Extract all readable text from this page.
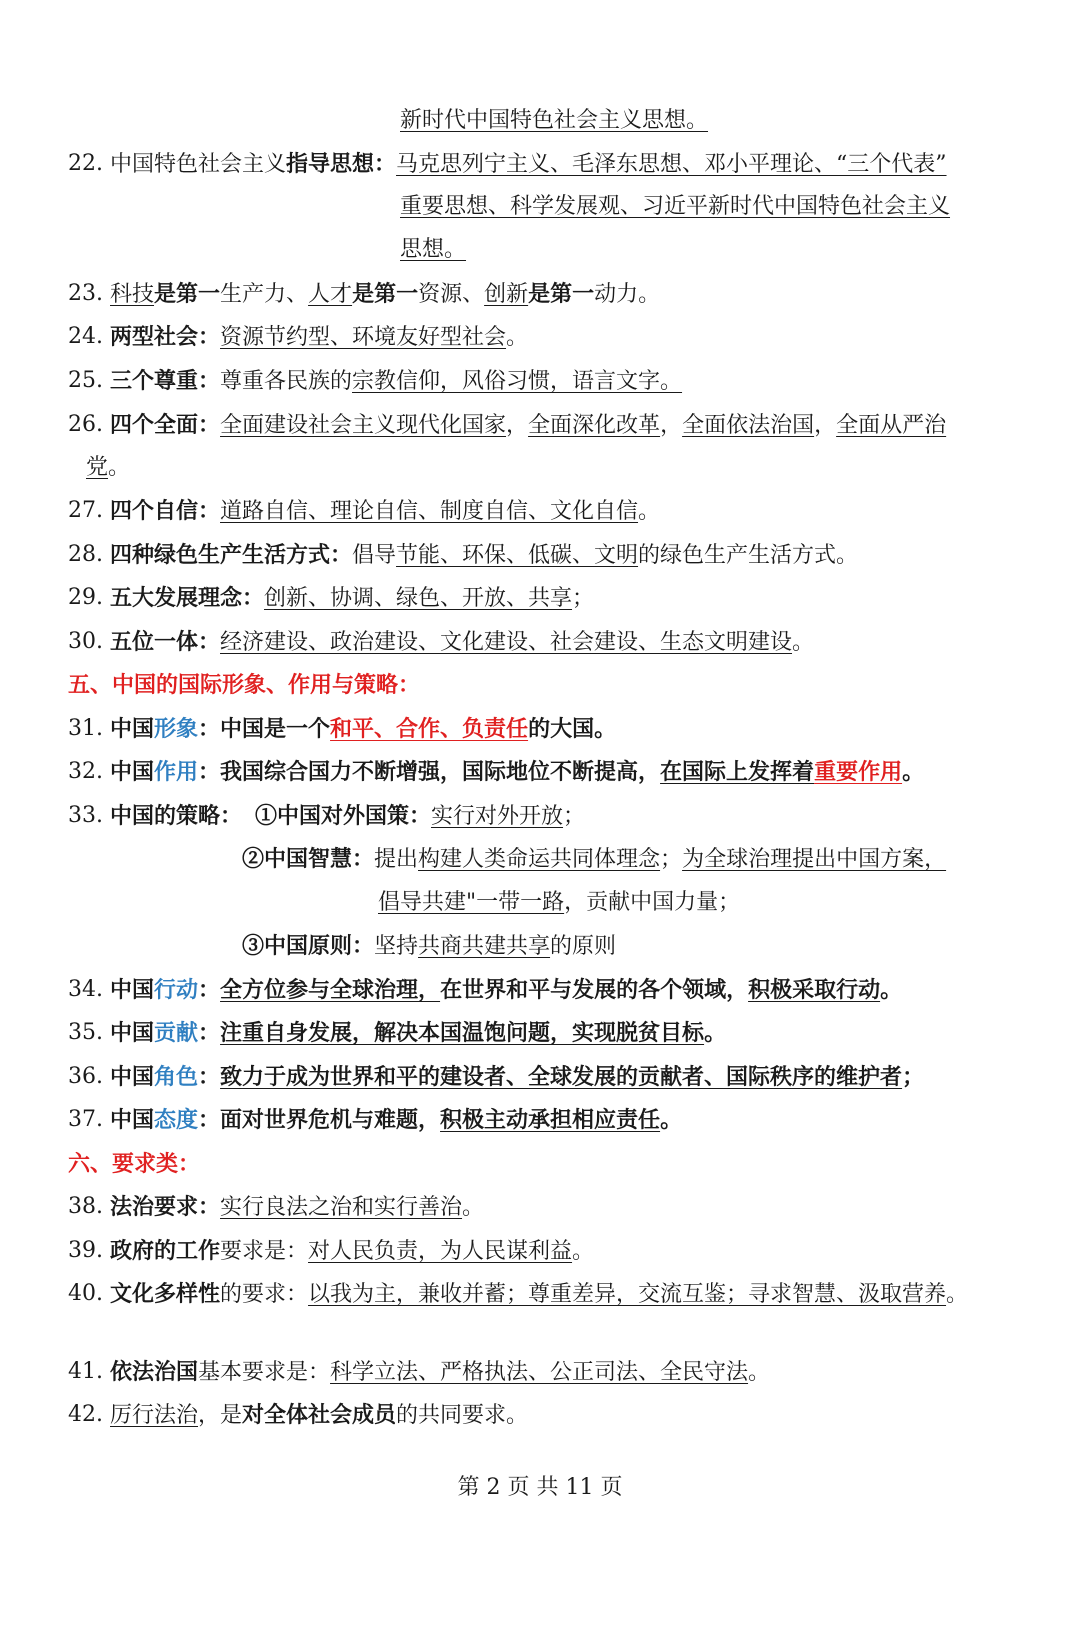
新时代中国特色社会主义思想。
22. 中国特色社会主义指导思想：马克思列宁主义、毛泽东思想、邓小平理论、“三个代表”
重要思想、科学发展观、习近平新时代中国特色社会主义
思想。
23. 科技是第一生产力、人才是第一资源、创新是第一动力。
24. 两型社会：资源节约型、环境友好型社会。
25. 三个尊重：尊重各民族的宗教信仰，风俗习惯，语言文字。
26. 四个全面：全面建设社会主义现代化国家，全面深化改革，全面依法治国，全面从严治
党。
27. 四个自信：道路自信、理论自信、制度自信、文化自信。
28. 四种绿色生产生活方式：倡导节能、环保、低碳、文明的绿色生产生活方式。
29. 五大发展理念：创新、协调、绿色、开放、共享；
30. 五位一体：经济建设、政治建设、文化建设、社会建设、生态文明建设。
五、中国的国际形象、作用与策略：
31. 中国形象：中国是一个和平、合作、负责任的大国。
32. 中国作用：我国综合国力不断增强，国际地位不断提高，在国际上发挥着重要作用。
33. 中国的策略： ①中国对外国策：实行对外开放；
②中国智慧：提出构建人类命运共同体理念；为全球治理提出中国方案，
倡导共建"一带一路，贡献中国力量；
③中国原则：坚持共商共建共享的原则
34. 中国行动：全方位参与全球治理，在世界和平与发展的各个领域，积极采取行动。
35. 中国贡献：注重自身发展，解决本国温饱问题，实现脱贫目标。
36. 中国角色：致力于成为世界和平的建设者、全球发展的贡献者、国际秩序的维护者；
37. 中国态度：面对世界危机与难题，积极主动承担相应责任。
六、要求类：
38. 法治要求：实行良法之治和实行善治。
39. 政府的工作要求是：对人民负责，为人民谋利益。
40. 文化多样性的要求：以我为主，兼收并蓄；尊重差异，交流互鉴；寻求智慧、汲取营养。
41. 依法治国基本要求是：科学立法、严格执法、公正司法、全民守法。
42. 厉行法治，是对全体社会成员的共同要求。
第 2 页 共 11 页
